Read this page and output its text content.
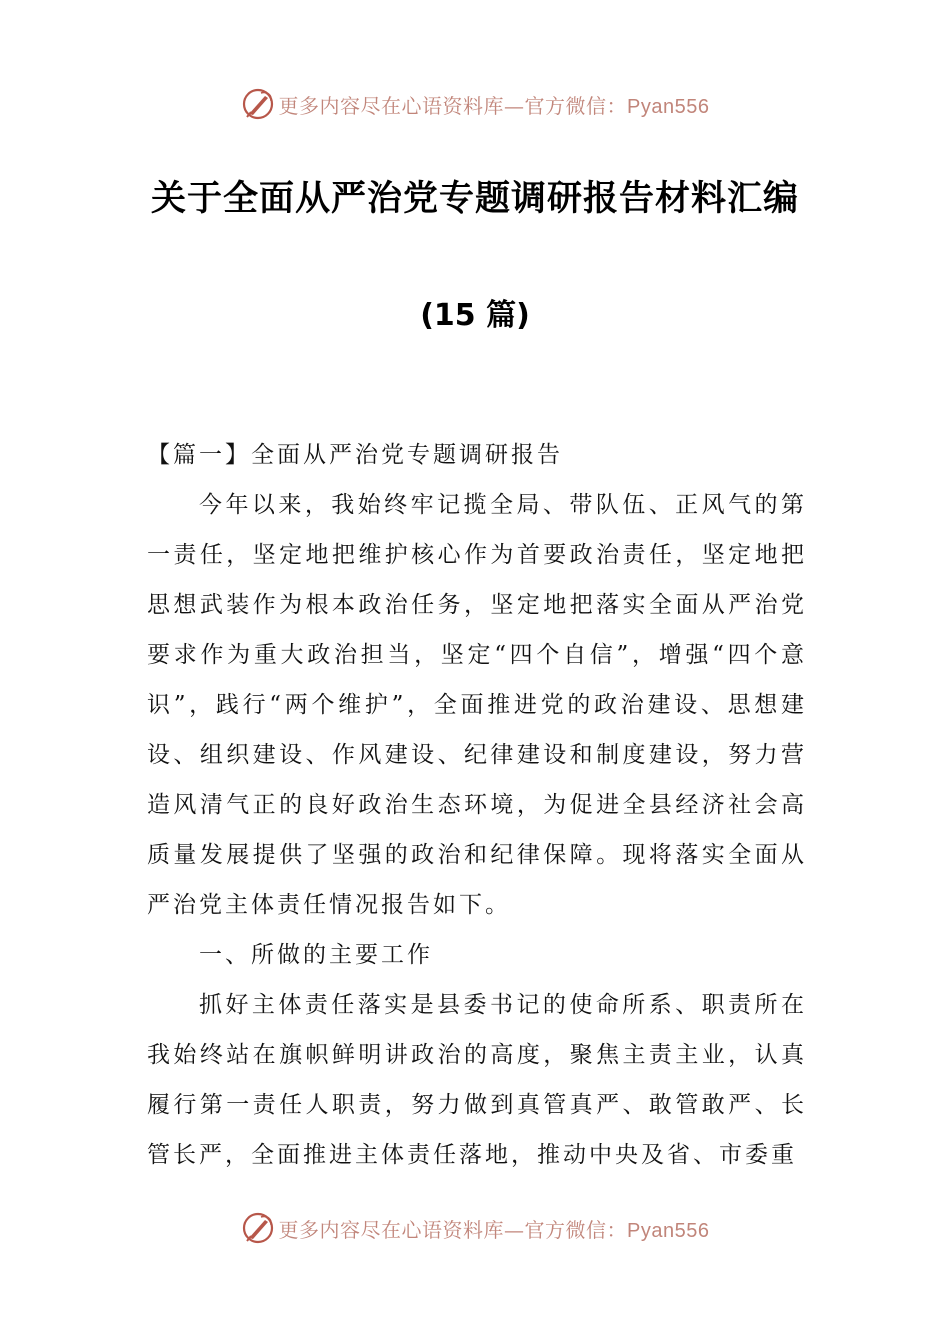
更多内容尽在心语资料库—官方微信：Pyan556
关于全面从严治党专题调研报告材料汇编
(15 篇)

【篇一】全面从严治党专题调研报告

今年以来，我始终牢记揽全局、带队伍、正风气的第一责任，坚定地把维护核心作为首要政治责任，坚定地把思想武装作为根本政治任务，坚定地把落实全面从严治党要求作为重大政治担当，坚定“四个自信”，增强“四个意识”，践行“两个维护”，全面推进党的政治建设、思想建设、组织建设、作风建设、纪律建设和制度建设，努力营造风清气正的良好政治生态环境，为促进全县经济社会高质量发展提供了坚强的政治和纪律保障。现将落实全面从严治党主体责任情况报告如下。

一、所做的主要工作

抓好主体责任落实是县委书记的使命所系、职责所在我始终站在旗帜鲜明讲政治的高度，聚焦主责主业，认真履行第一责任人职责，努力做到真管真严、敢管敢严、长管长严，全面推进主体责任落地，推动中央及省、市委重

更多内容尽在心语资料库—官方微信：Pyan556
